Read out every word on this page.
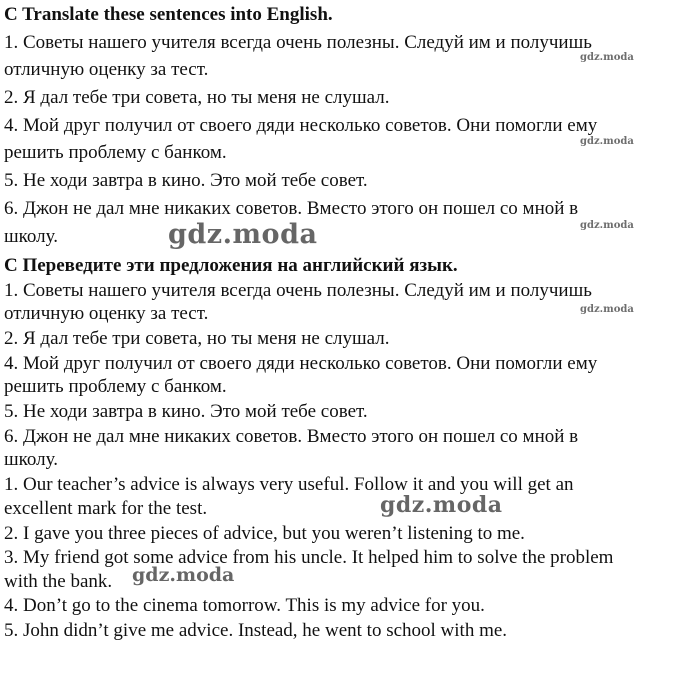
C Translate these sentences into English.
1. Советы нашего учителя всегда очень полезны. Следуй им и получишь
отличную оценку за тест.
2. Я дал тебе три совета, но ты меня не слушал.
4. Мой друг получил от своего дяди несколько советов. Они помогли ему
решить проблему с банком.
5. Не ходи завтра в кино. Это мой тебе совет.
6. Джон не дал мне никаких советов. Вместо этого он пошел со мной в
школу.
C Переведите эти предложения на английский язык.
1. Советы нашего учителя всегда очень полезны. Следуй им и получишь
отличную оценку за тест.
2. Я дал тебе три совета, но ты меня не слушал.
4. Мой друг получил от своего дяди несколько советов. Они помогли ему
решить проблему с банком.
5. Не ходи завтра в кино. Это мой тебе совет.
6. Джон не дал мне никаких советов. Вместо этого он пошел со мной в
школу.
1. Our teacher’s advice is always very useful. Follow it and you will get an
excellent mark for the test.
2. I gave you three pieces of advice, but you weren’t listening to me.
3. My friend got some advice from his uncle. It helped him to solve the problem
with the bank.
4. Don’t go to the cinema tomorrow. This is my advice for you.
5. John didn’t give me advice. Instead, he went to school with me.
gdz.moda
gdz.moda
gdz.moda
gdz.moda
gdz.moda
gdz.moda
gdz.moda
